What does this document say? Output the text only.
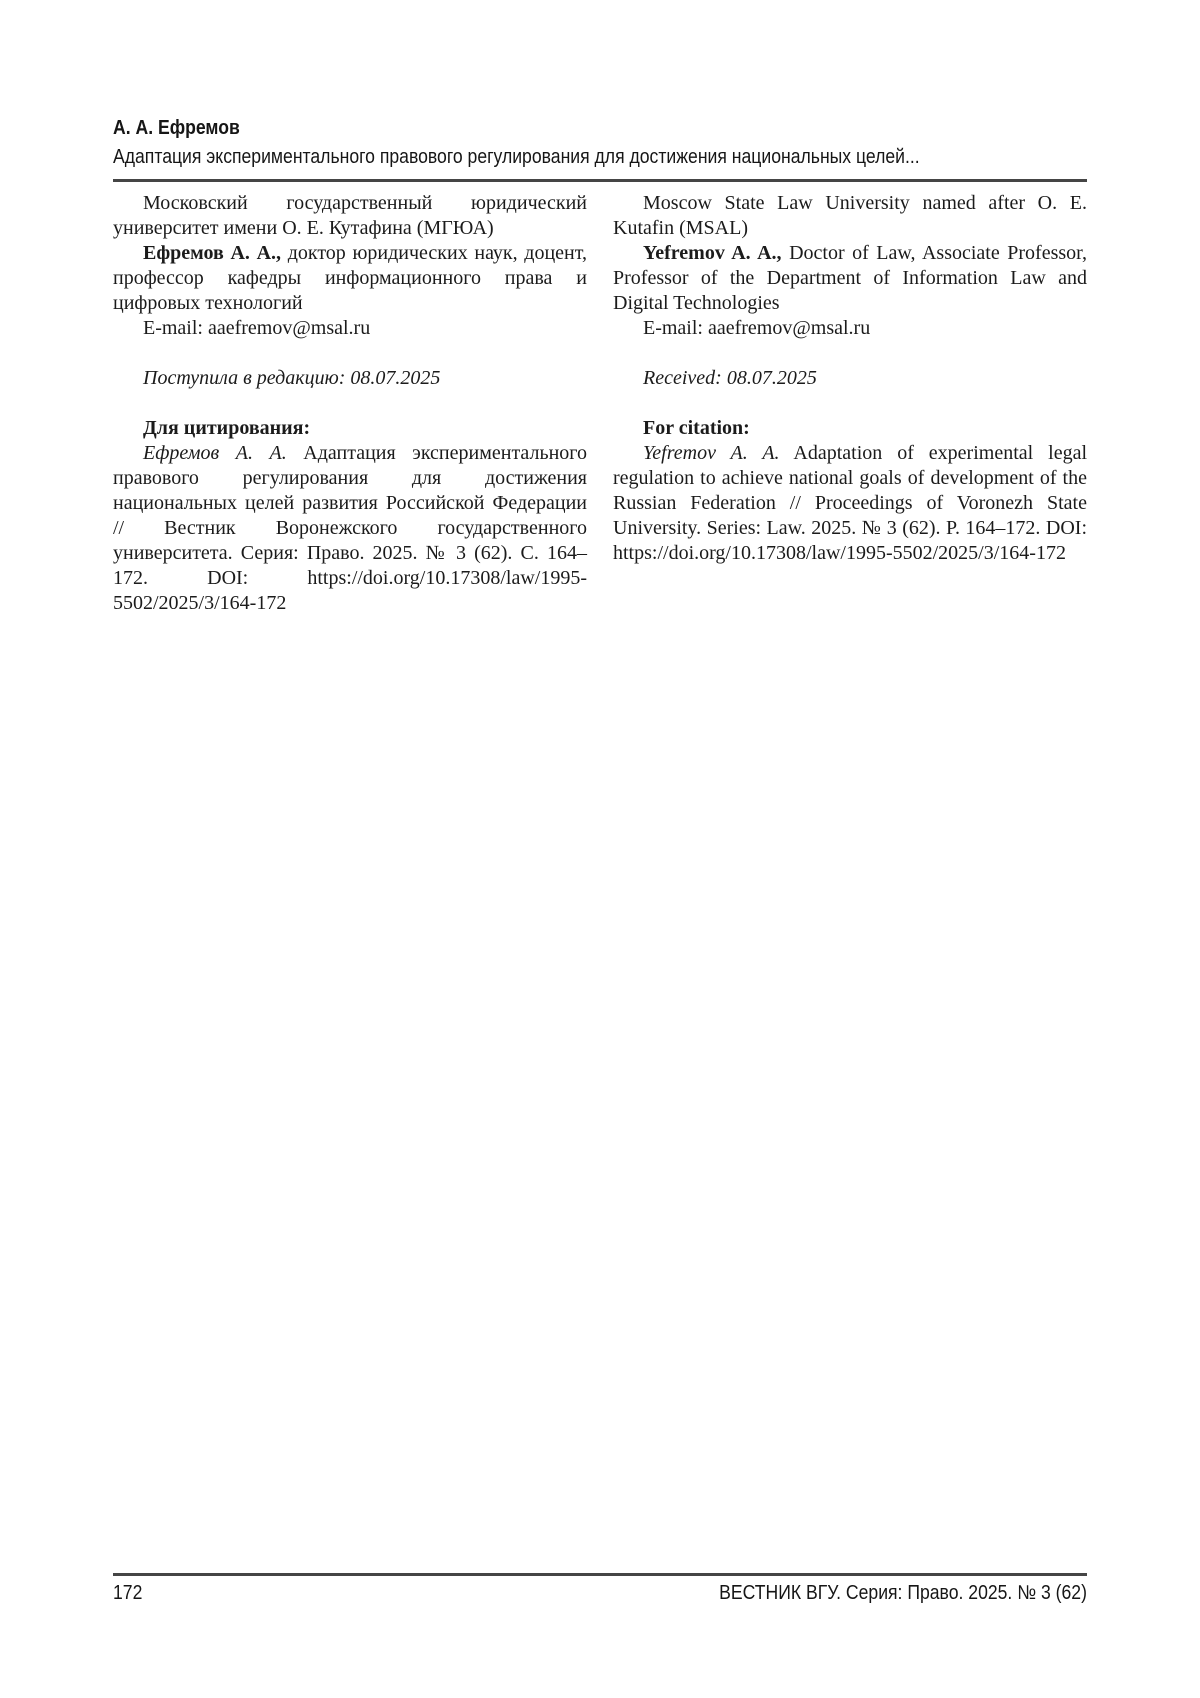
А. А. Ефремов
Адаптация экспериментального правового регулирования для достижения национальных целей...

Московский государственный юридический университет имени О. Е. Кутафина (МГЮА)

Ефремов А. А., доктор юридических наук, доцент, профессор кафедры информационного права и цифровых технологий

E-mail: aaefremov@msal.ru

Поступила в редакцию: 08.07.2025

Для цитирования:

Ефремов А. А. Адаптация экспериментального правового регулирования для достижения национальных целей развития Российской Федерации // Вестник Воронежского государственного университета. Серия: Право. 2025. № 3 (62). С. 164–172. DOI: https://doi.org/10.17308/law/1995-5502/2025/3/164-172

Moscow State Law University named after O. E. Kutafin (MSAL)

Yefremov A. A., Doctor of Law, Associate Professor, Professor of the Department of Information Law and Digital Technologies

E-mail: aaefremov@msal.ru

Received: 08.07.2025

For citation:

Yefremov A. A. Adaptation of experimental legal regulation to achieve national goals of development of the Russian Federation // Proceedings of Voronezh State University. Series: Law. 2025. № 3 (62). P. 164–172. DOI: https://doi.org/10.17308/law/1995-5502/2025/3/164-172

172	ВЕСТНИК ВГУ. Серия: Право. 2025. № 3 (62)
